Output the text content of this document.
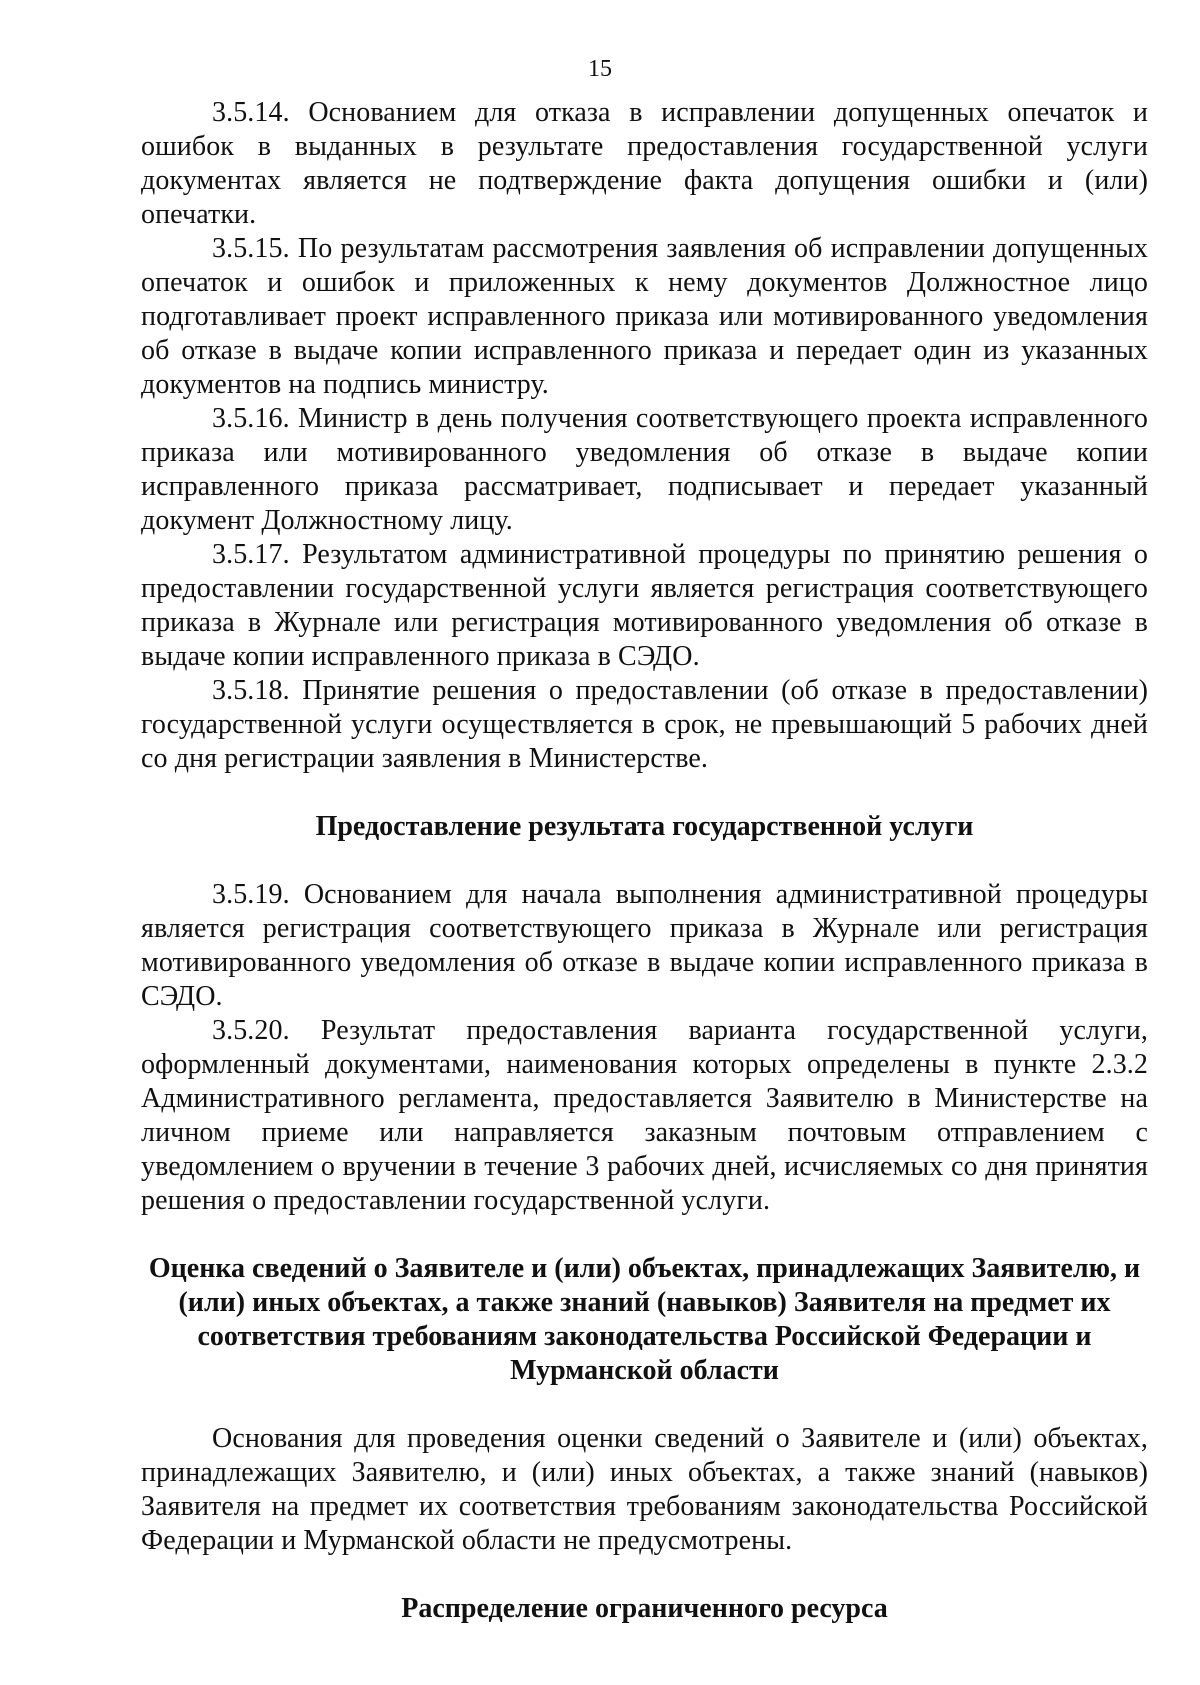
15

3.5.14. Основанием для отказа в исправлении допущенных опечаток и ошибок в выданных в результате предоставления государственной услуги документах является не подтверждение факта допущения ошибки и (или) опечатки.

3.5.15. По результатам рассмотрения заявления об исправлении допущенных опечаток и ошибок и приложенных к нему документов Должностное лицо подготавливает проект исправленного приказа или мотивированного уведомления об отказе в выдаче копии исправленного приказа и передает один из указанных документов на подпись министру.

3.5.16. Министр в день получения соответствующего проекта исправленного приказа или мотивированного уведомления об отказе в выдаче копии исправленного приказа рассматривает, подписывает и передает указанный документ Должностному лицу.

3.5.17. Результатом административной процедуры по принятию решения о предоставлении государственной услуги является регистрация соответствующего приказа в Журнале или регистрация мотивированного уведомления об отказе в выдаче копии исправленного приказа в СЭДО.

3.5.18. Принятие решения о предоставлении (об отказе в предоставлении) государственной услуги осуществляется в срок, не превышающий 5 рабочих дней со дня регистрации заявления в Министерстве.

Предоставление результата государственной услуги

3.5.19. Основанием для начала выполнения административной процедуры является регистрация соответствующего приказа в Журнале или регистрация мотивированного уведомления об отказе в выдаче копии исправленного приказа в СЭДО.

3.5.20. Результат предоставления варианта государственной услуги, оформленный документами, наименования которых определены в пункте 2.3.2 Административного регламента, предоставляется Заявителю в Министерстве на личном приеме или направляется заказным почтовым отправлением с уведомлением о вручении в течение 3 рабочих дней, исчисляемых со дня принятия решения о предоставлении государственной услуги.

Оценка сведений о Заявителе и (или) объектах, принадлежащих Заявителю, и (или) иных объектах, а также знаний (навыков) Заявителя на предмет их соответствия требованиям законодательства Российской Федерации и Мурманской области

Основания для проведения оценки сведений о Заявителе и (или) объектах, принадлежащих Заявителю, и (или) иных объектах, а также знаний (навыков) Заявителя на предмет их соответствия требованиям законодательства Российской Федерации и Мурманской области не предусмотрены.

Распределение ограниченного ресурса
